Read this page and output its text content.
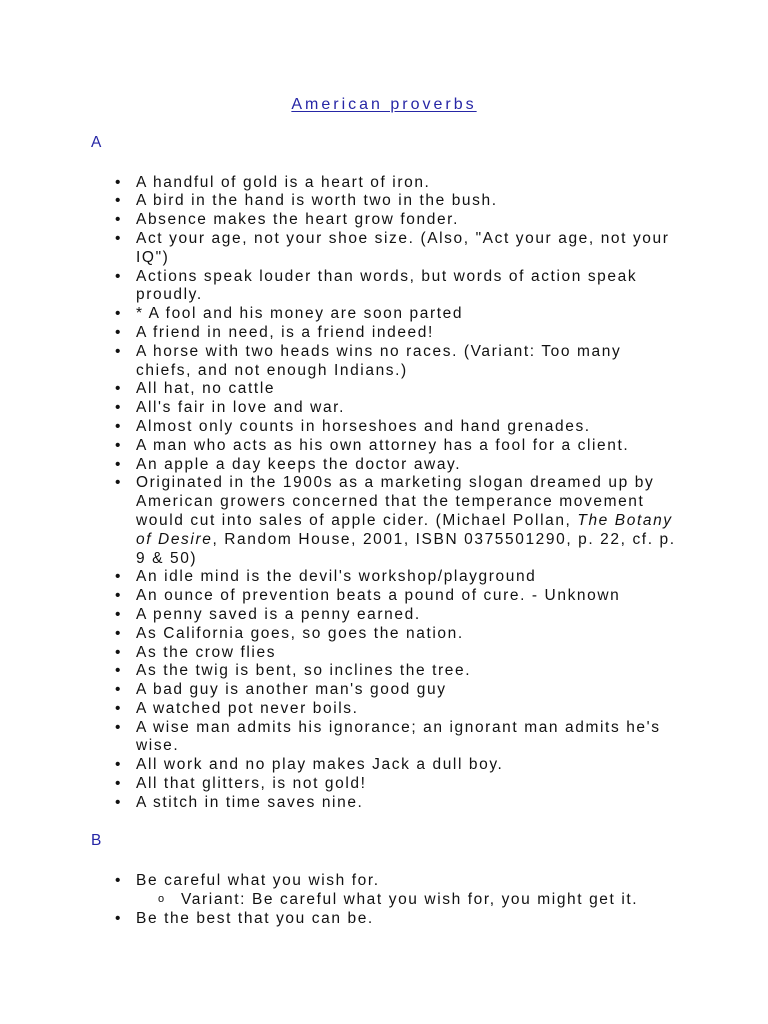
American proverbs
A
• A handful of gold is a heart of iron.
• A bird in the hand is worth two in the bush.
• Absence makes the heart grow fonder.
• Act your age, not your shoe size. (Also, "Act your age, not your IQ")
• Actions speak louder than words, but words of action speak proudly.
• * A fool and his money are soon parted
• A friend in need, is a friend indeed!
• A horse with two heads wins no races. (Variant: Too many chiefs, and not enough Indians.)
• All hat, no cattle
• All's fair in love and war.
• Almost only counts in horseshoes and hand grenades.
• A man who acts as his own attorney has a fool for a client.
• An apple a day keeps the doctor away.
• Originated in the 1900s as a marketing slogan dreamed up by American growers concerned that the temperance movement would cut into sales of apple cider. (Michael Pollan, The Botany of Desire, Random House, 2001, ISBN 0375501290, p. 22, cf. p. 9 & 50)
• An idle mind is the devil's workshop/playground
• An ounce of prevention beats a pound of cure. - Unknown
• A penny saved is a penny earned.
• As California goes, so goes the nation.
• As the crow flies
• As the twig is bent, so inclines the tree.
• A bad guy is another man's good guy
• A watched pot never boils.
• A wise man admits his ignorance; an ignorant man admits he's wise.
• All work and no play makes Jack a dull boy.
• All that glitters, is not gold!
• A stitch in time saves nine.
B
• Be careful what you wish for.
o Variant: Be careful what you wish for, you might get it.
• Be the best that you can be.
